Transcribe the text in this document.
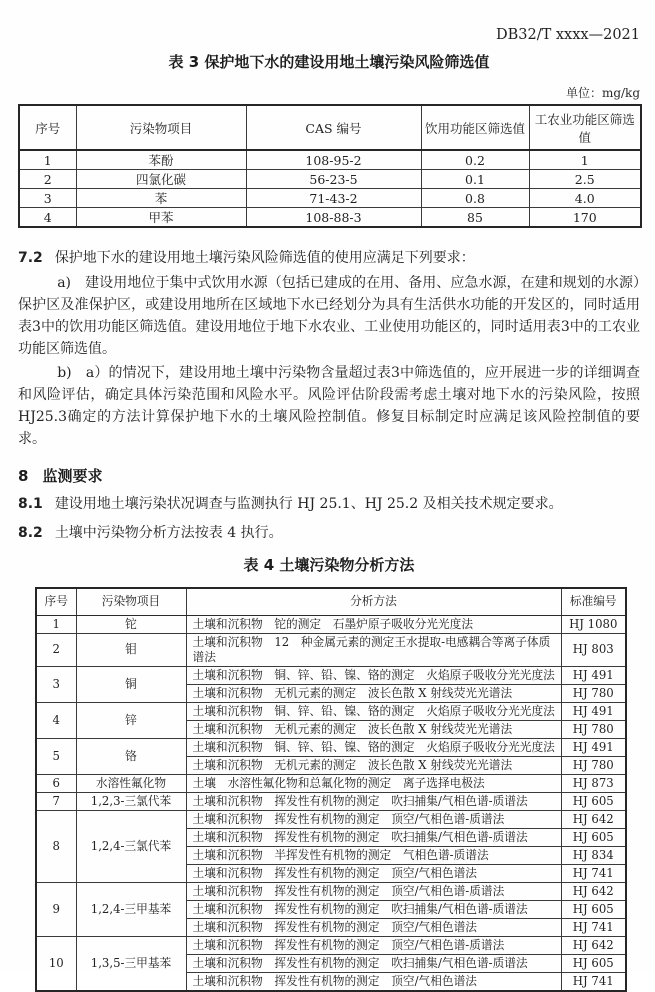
DB32/T xxxx—2021
表 3 保护地下水的建设用地土壤污染风险筛选值
单位：mg/kg
序号	污染物项目	CAS 编号	饮用功能区筛选值	工农业功能区筛选值
1	苯酚	108-95-2	0.2	1
2	四氯化碳	56-23-5	0.1	2.5
3	苯	71-43-2	0.8	4.0
4	甲苯	108-88-3	85	170
7.2 保护地下水的建设用地土壤污染风险筛选值的使用应满足下列要求：

a)　建设用地位于集中式饮用水源（包括已建成的在用、备用、应急水源，在建和规划的水源）保护区及准保护区，或建设用地所在区域地下水已经划分为具有生活供水功能的开发区的，同时适用表3中的饮用功能区筛选值。建设用地位于地下水农业、工业使用功能区的，同时适用表3中的工农业功能区筛选值。

b)　a）的情况下，建设用地土壤中污染物含量超过表3中筛选值的，应开展进一步的详细调查和风险评估，确定具体污染范围和风险水平。风险评估阶段需考虑土壤对地下水的污染风险，按照HJ25.3确定的方法计算保护地下水的土壤风险控制值。修复目标制定时应满足该风险控制值的要求。

8 监测要求
8.1 建设用地土壤污染状况调查与监测执行 HJ 25.1、HJ 25.2 及相关技术规定要求。
8.2 土壤中污染物分析方法按表 4 执行。
表 4 土壤污染物分析方法
序号	污染物项目	分析方法	标准编号
1	铊	土壤和沉积物　铊的测定　石墨炉原子吸收分光光度法	HJ 1080
2	钼	土壤和沉积物　12　种金属元素的测定王水提取-电感耦合等离子体质谱法	HJ 803
3	铜	土壤和沉积物　铜、锌、铅、镍、铬的测定　火焰原子吸收分光光度法	HJ 491
		土壤和沉积物　无机元素的测定　波长色散 X 射线荧光光谱法	HJ 780
4	锌	土壤和沉积物　铜、锌、铅、镍、铬的测定　火焰原子吸收分光光度法	HJ 491
		土壤和沉积物　无机元素的测定　波长色散 X 射线荧光光谱法	HJ 780
5	铬	土壤和沉积物　铜、锌、铅、镍、铬的测定　火焰原子吸收分光光度法	HJ 491
		土壤和沉积物　无机元素的测定　波长色散 X 射线荧光光谱法	HJ 780
6	水溶性氟化物	土壤　水溶性氟化物和总氟化物的测定　离子选择电极法	HJ 873
7	1,2,3-三氯代苯	土壤和沉积物　挥发性有机物的测定　吹扫捕集/气相色谱-质谱法	HJ 605
8	1,2,4-三氯代苯	土壤和沉积物　挥发性有机物的测定　顶空/气相色谱-质谱法	HJ 642
		土壤和沉积物　挥发性有机物的测定　吹扫捕集/气相色谱-质谱法	HJ 605
		土壤和沉积物　半挥发性有机物的测定　气相色谱-质谱法	HJ 834
		土壤和沉积物　挥发性有机物的测定　顶空/气相色谱法	HJ 741
9	1,2,4-三甲基苯	土壤和沉积物　挥发性有机物的测定　顶空/气相色谱-质谱法	HJ 642
		土壤和沉积物　挥发性有机物的测定　吹扫捕集/气相色谱-质谱法	HJ 605
		土壤和沉积物　挥发性有机物的测定　顶空/气相色谱法	HJ 741
10	1,3,5-三甲基苯	土壤和沉积物　挥发性有机物的测定　顶空/气相色谱-质谱法	HJ 642
		土壤和沉积物　挥发性有机物的测定　吹扫捕集/气相色谱-质谱法	HJ 605
		土壤和沉积物　挥发性有机物的测定　顶空/气相色谱法	HJ 741
